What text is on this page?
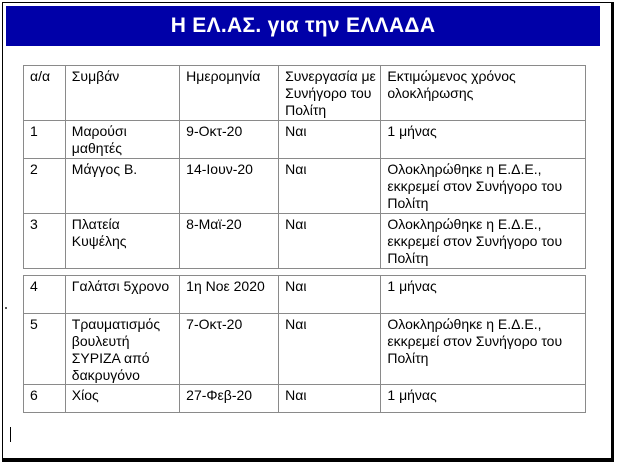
Η ΕΛ.ΑΣ. για την ΕΛΛΑΔΑ
α/α	Συμβάν	Ημερομηνία	Συνεργασία με Συνήγορο του Πολίτη	Εκτιμώμενος χρόνος ολοκλήρωσης
1	Μαρούσι μαθητές	9-Οκτ-20	Ναι	1 μήνας
2	Μάγγος Β.	14-Ιουν-20	Ναι	Ολοκληρώθηκε η Ε.Δ.Ε., εκκρεμεί στον Συνήγορο του Πολίτη
3	Πλατεία Κυψέλης	8-Μαϊ-20	Ναι	Ολοκληρώθηκε η Ε.Δ.Ε., εκκρεμεί στον Συνήγορο του Πολίτη

4	Γαλάτσι 5χρονο	1η Νοε 2020	Ναι	1 μήνας
5	Τραυματισμός βουλευτή ΣΥΡΙΖΑ από δακρυγόνο	7-Οκτ-20	Ναι	Ολοκληρώθηκε η Ε.Δ.Ε., εκκρεμεί στον Συνήγορο του Πολίτη
6	Χίος	27-Φεβ-20	Ναι	1 μήνας
